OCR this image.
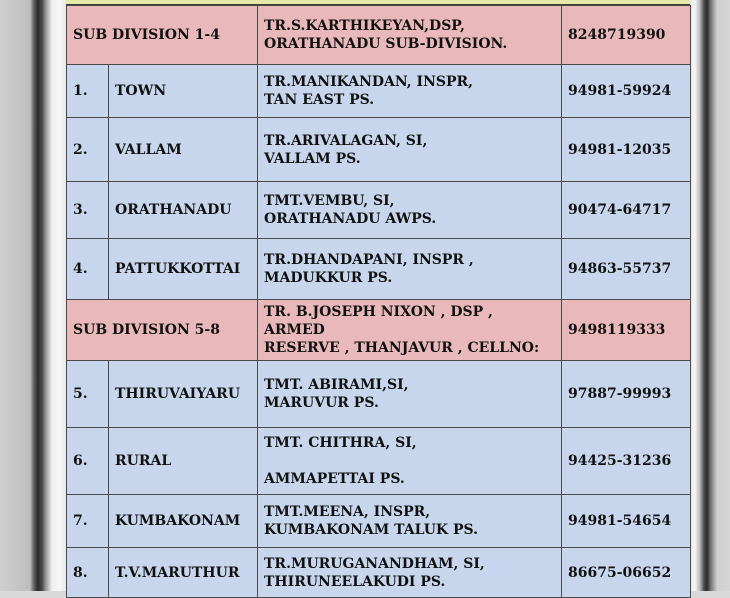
SUB DIVISION 1-4		TR.S.KARTHIKEYAN,DSP,
ORATHANADU SUB-DIVISION.	8248719390
1.	TOWN	TR.MANIKANDAN, INSPR,
TAN EAST PS.	94981-59924
2.	VALLAM	TR.ARIVALAGAN, SI,
VALLAM PS.	94981-12035
3.	ORATHANADU	TMT.VEMBU, SI,
ORATHANADU AWPS.	90474-64717
4.	PATTUKKOTTAI	TR.DHANDAPANI, INSPR ,
MADUKKUR PS.	94863-55737
SUB DIVISION 5-8		TR. B.JOSEPH NIXON , DSP , ARMED
RESERVE , THANJAVUR , CELLNO:	9498119333
5.	THIRUVAIYARU	TMT. ABIRAMI,SI,
MARUVUR PS.	97887-99993
6.	RURAL	TMT. CHITHRA, SI,

AMMAPETTAI PS.	94425-31236
7.	KUMBAKONAM	TMT.MEENA, INSPR,
KUMBAKONAM TALUK PS.	94981-54654
8.	T.V.MARUTHUR	TR.MURUGANANDHAM, SI,
THIRUNEELAKUDI PS.	86675-06652
